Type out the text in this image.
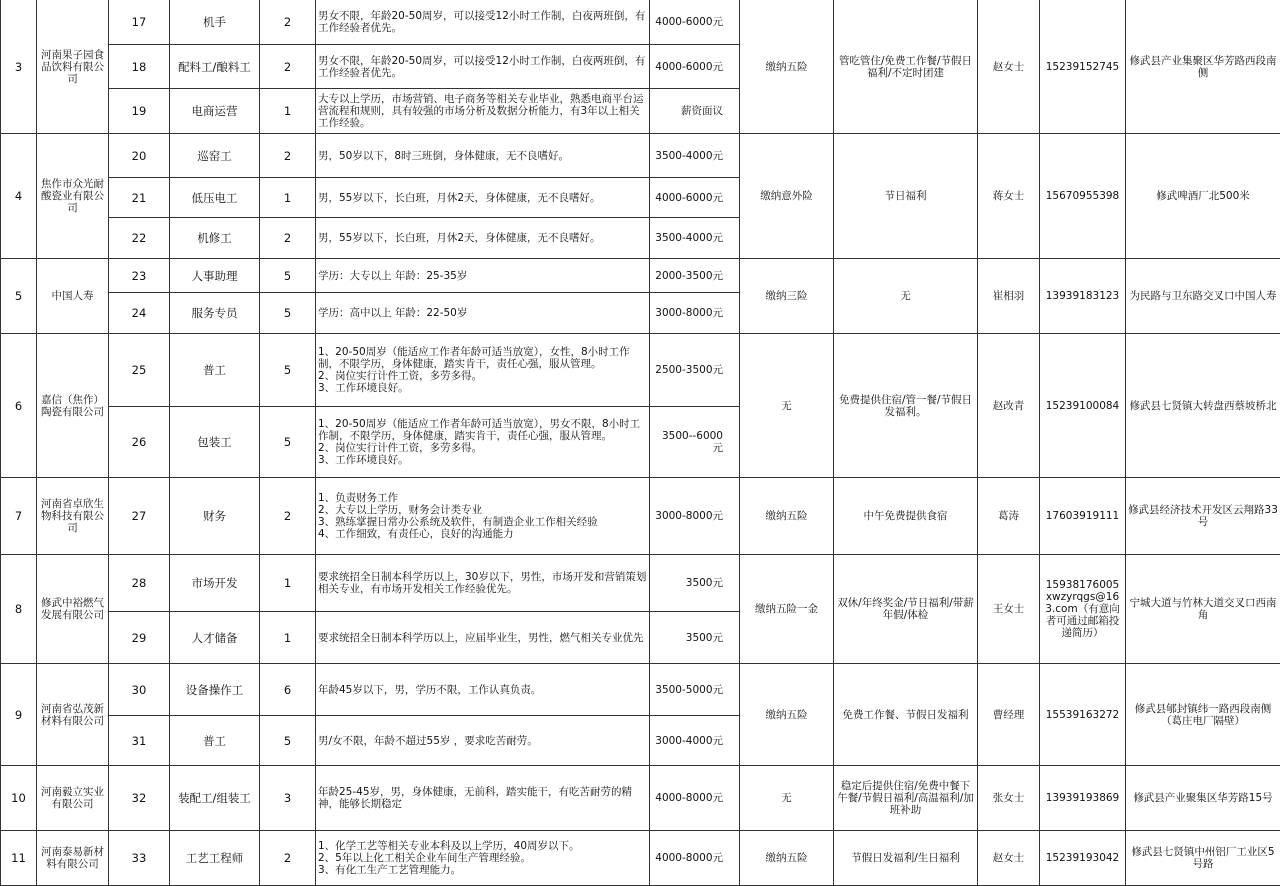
3	河南果子园食品饮料有限公司	17	机手	2	男女不限，年龄20-50周岁，可以接受12小时工作制，白夜两班倒，有工作经验者优先。	4000-6000元	缴纳五险	管吃管住/免费工作餐/节假日福利/不定时团建	赵女士	15239152745	修武县产业集聚区华芳路西段南侧
		18	配料工/酿料工	2	男女不限，年龄20-50周岁，可以接受12小时工作制，白夜两班倒，有工作经验者优先。	4000-6000元					
		19	电商运营	1	大专以上学历，市场营销、电子商务等相关专业毕业，熟悉电商平台运营流程和规则，具有较强的市场分析及数据分析能力，有3年以上相关工作经验。	薪资面议					
4	焦作市众光耐酸瓷业有限公司	20	巡窑工	2	男，50岁以下，8时三班倒，身体健康，无不良嗜好。	3500-4000元	缴纳意外险	节日福利	蒋女士	15670955398	修武啤酒厂北500米
		21	低压电工	1	男，55岁以下，长白班，月休2天，身体健康，无不良嗜好。	4000-6000元					
		22	机修工	2	男，55岁以下，长白班，月休2天，身体健康，无不良嗜好。	3500-4000元					
5	中国人寿	23	人事助理	5	学历：大专以上 年龄：25-35岁	2000-3500元	缴纳三险	无	崔相羽	13939183123	为民路与卫东路交叉口中国人寿
		24	服务专员	5	学历：高中以上 年龄：22-50岁	3000-8000元					
6	嘉信（焦作）陶瓷有限公司	25	普工	5	1、20-50周岁（能适应工作者年龄可适当放宽），女性，8小时工作制，不限学历，身体健康，踏实肯干，责任心强，服从管理。
2、岗位实行计件工资，多劳多得。
3、工作环境良好。	2500-3500元	无	免费提供住宿/管一餐/节假日发福利。	赵改青	15239100084	修武县七贤镇大转盘西蔡坡桥北
		26	包装工	5	1、20-50周岁（能适应工作者年龄可适当放宽），男女不限，8小时工作制，不限学历，身体健康，踏实肯干，责任心强，服从管理。
2、岗位实行计件工资，多劳多得。
3、工作环境良好。	3500--6000元					
7	河南省卓欣生物科技有限公司	27	财务	2	1、负责财务工作
2、大专以上学历，财务会计类专业
3、熟练掌握日常办公系统及软件，有制造企业工作相关经验
4、工作细致，有责任心，良好的沟通能力	3000-8000元	缴纳五险	中午免费提供食宿	葛涛	17603919111	修武县经济技术开发区云翔路33号
8	修武中裕燃气发展有限公司	28	市场开发	1	要求统招全日制本科学历以上，30岁以下，男性，市场开发和营销策划相关专业，有市场开发相关工作经验优先。	3500元	缴纳五险一金	双休/年终奖金/节日福利/带薪年假/体检	王女士	15938176005 xwzyrqgs@163.com（有意向者可通过邮箱投递简历）	宁城大道与竹林大道交叉口西南角
		29	人才储备	1	要求统招全日制本科学历以上，应届毕业生，男性，燃气相关专业优先	3500元					
9	河南省弘茂新材料有限公司	30	设备操作工	6	年龄45岁以下，男，学历不限，工作认真负责。	3500-5000元	缴纳五险	免费工作餐、节假日发福利	曹经理	15539163272	修武县郇封镇纬一路西段南侧（葛庄电厂隔壁）
		31	普工	5	男/女不限，年龄不超过55岁 ，要求吃苦耐劳。	3000-4000元					
10	河南毅立实业有限公司	32	装配工/组装工	3	年龄25-45岁，男，身体健康，无前科，踏实能干，有吃苦耐劳的精神，能够长期稳定	4000-8000元	无	稳定后提供住宿/免费中餐下午餐/节假日福利/高温福利/加班补助	张女士	13939193869	修武县产业聚集区华芳路15号
11	河南泰易新材料有限公司	33	工艺工程师	2	1、化学工艺等相关专业本科及以上学历，40周岁以下。
2、5年以上化工相关企业车间生产管理经验。
3、有化工生产工艺管理能力。	4000-8000元	缴纳五险	节假日发福利/生日福利	赵女士	15239193042	修武县七贤镇中州铝厂工业区5号路
